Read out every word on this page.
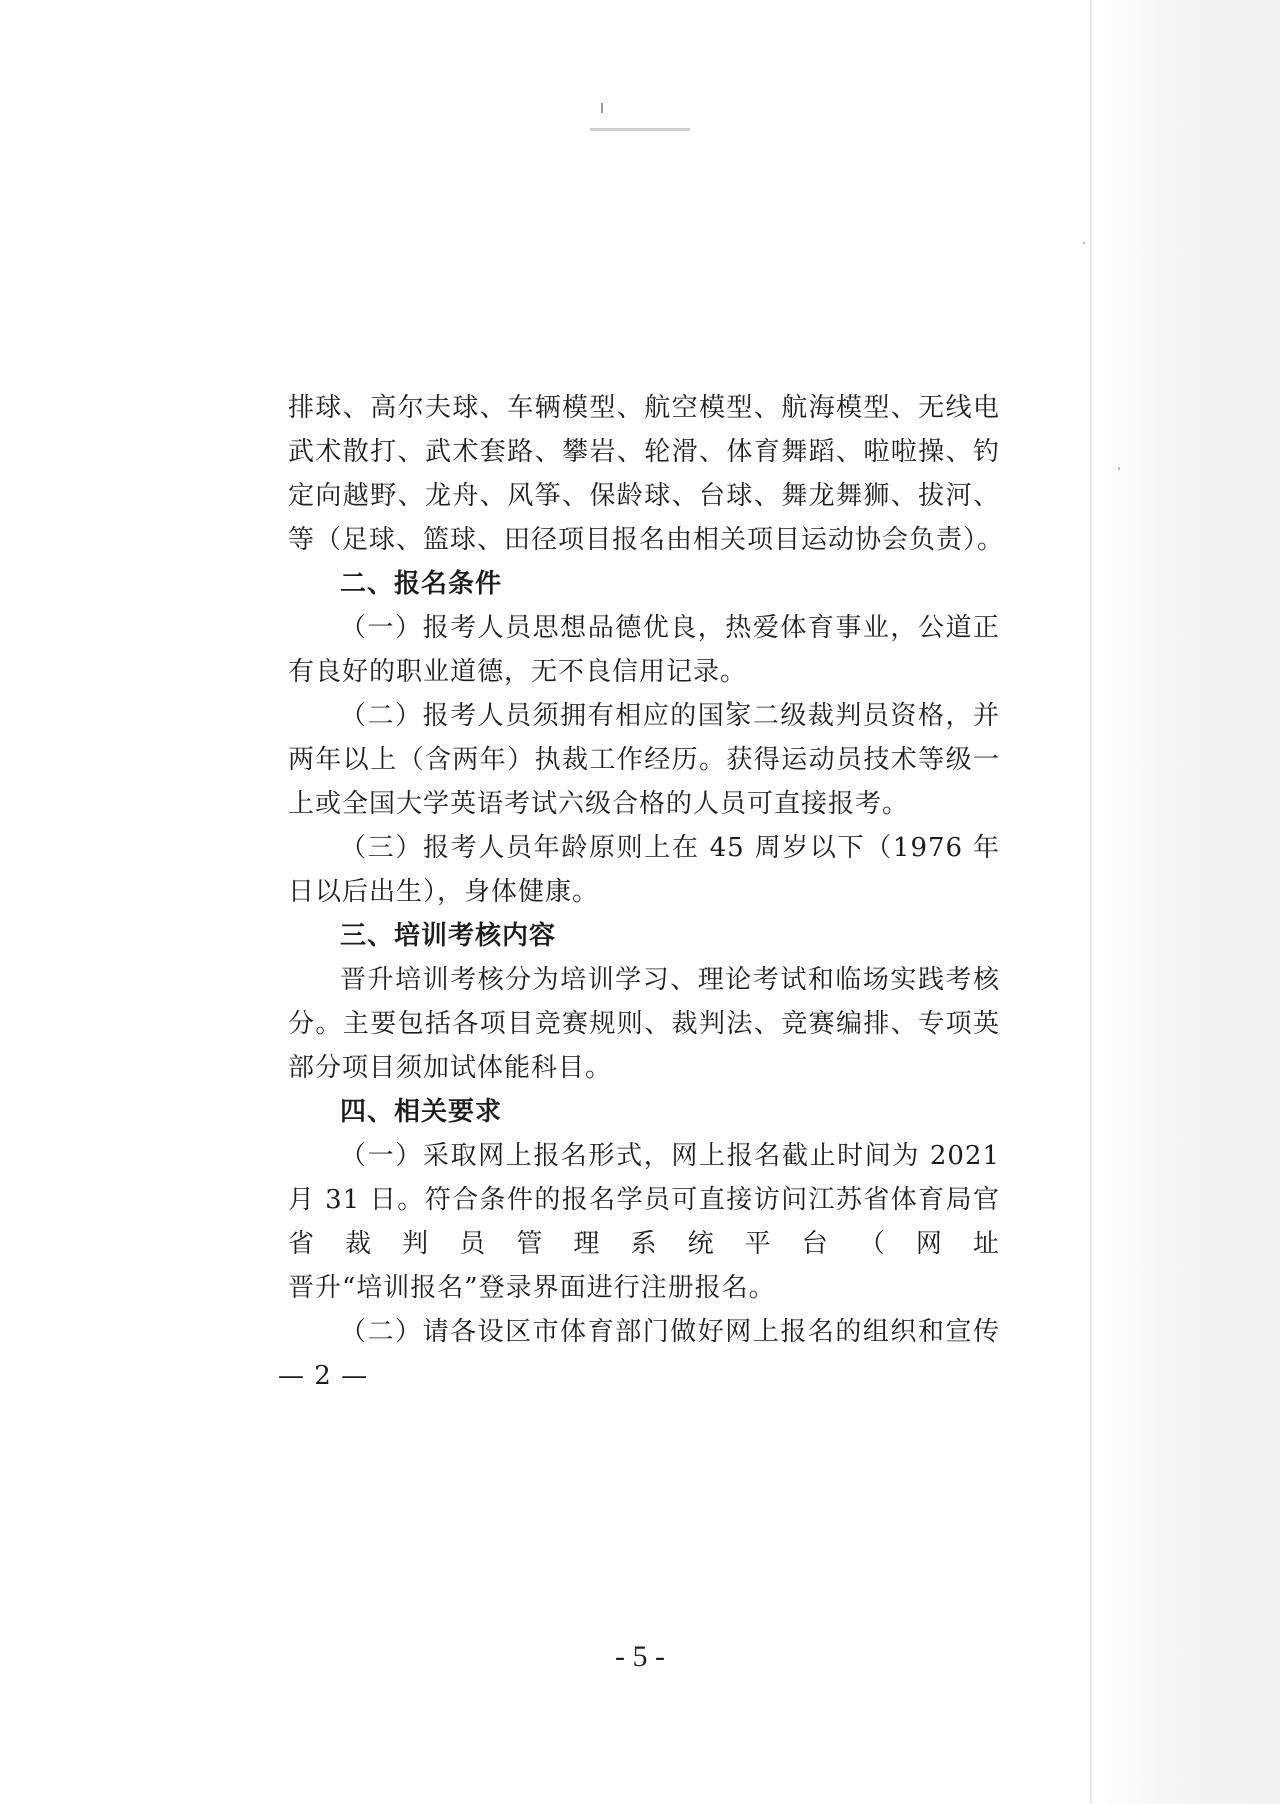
排球、高尔夫球、车辆模型、航空模型、航海模型、无线电
武术散打、武术套路、攀岩、轮滑、体育舞蹈、啦啦操、钓
定向越野、龙舟、风筝、保龄球、台球、舞龙舞狮、拔河、
等（足球、篮球、田径项目报名由相关项目运动协会负责）。
二、报名条件
（一）报考人员思想品德优良，热爱体育事业，公道正
有良好的职业道德，无不良信用记录。
（二）报考人员须拥有相应的国家二级裁判员资格，并
两年以上（含两年）执裁工作经历。获得运动员技术等级一
上或全国大学英语考试六级合格的人员可直接报考。
（三）报考人员年龄原则上在 45 周岁以下（1976 年
日以后出生），身体健康。
三、培训考核内容
晋升培训考核分为培训学习、理论考试和临场实践考核
分。主要包括各项目竞赛规则、裁判法、竞赛编排、专项英
部分项目须加试体能科目。
四、相关要求
（一）采取网上报名形式，网上报名截止时间为 2021
月 31 日。符合条件的报名学员可直接访问江苏省体育局官
省裁判员管理系统平台（网址
晋升“培训报名”登录界面进行注册报名。
（二）请各设区市体育部门做好网上报名的组织和宣传
— 2 —
- 5 -
